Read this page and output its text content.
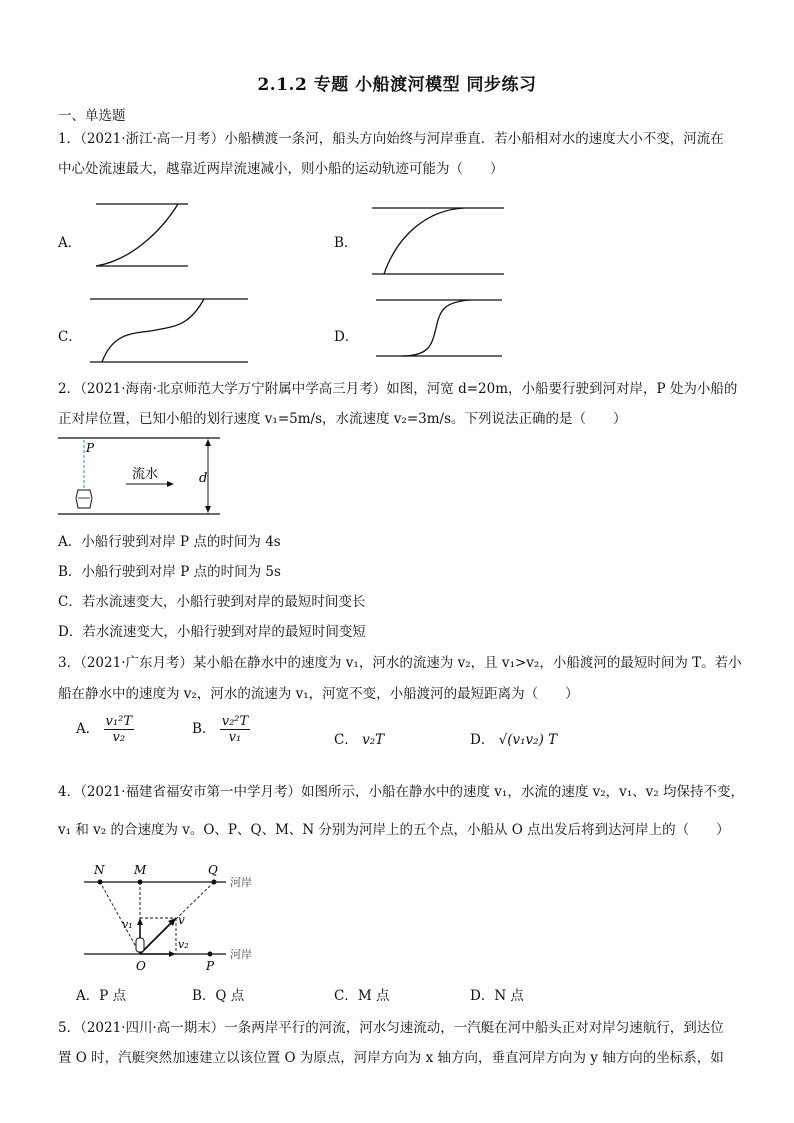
2.1.2 专题 小船渡河模型 同步练习
一、单选题
1．（2021·浙江·高一月考）小船横渡一条河，船头方向始终与河岸垂直．若小船相对水的速度大小不变，河流在
中心处流速最大，越靠近两岸流速减小，则小船的运动轨迹可能为（　　）
A．	B．
C．	D．
2．（2021·海南·北京师范大学万宁附属中学高三月考）如图，河宽 d=20m，小船要行驶到河对岸，P 处为小船的
正对岸位置，已知小船的划行速度 v₁=5m/s，水流速度 v₂=3m/s。下列说法正确的是（　　）
P
流水	d
A．小船行驶到对岸 P 点的时间为 4s
B．小船行驶到对岸 P 点的时间为 5s
C．若水流速变大，小船行驶到对岸的最短时间变长
D．若水流速变大，小船行驶到对岸的最短时间变短
3．（2021·广东月考）某小船在静水中的速度为 v₁，河水的流速为 v₂，且 v₁>v₂，小船渡河的最短时间为 T。若小
船在静水中的速度为 v₂，河水的流速为 v₁，河宽不变，小船渡河的最短距离为（　　）
A． $\frac{\text{v₁²T}}{\text{v₂}}$	B． $\frac{\text{v₂²T}}{\text{v₁}}$	C． v₂T	D． √(v₁v₂) T
4．（2021·福建省福安市第一中学月考）如图所示，小船在静水中的速度 v₁，水流的速度 v₂，v₁、v₂ 均保持不变，
v₁ 和 v₂ 的合速度为 v。O、P、Q、M、N 分别为河岸上的五个点，小船从 O 点出发后将到达河岸上的（　　）
河岸
河岸
N M	Q
O	P
v₁	v
v₂
A．P 点	B．Q 点	C．M 点	D．N 点
5．（2021·四川·高一期末）一条两岸平行的河流，河水匀速流动，一汽艇在河中船头正对对岸匀速航行，到达位
置 O 时，汽艇突然加速建立以该位置 O 为原点，河岸方向为 x 轴方向，垂直河岸方向为 y 轴方向的坐标系，如
